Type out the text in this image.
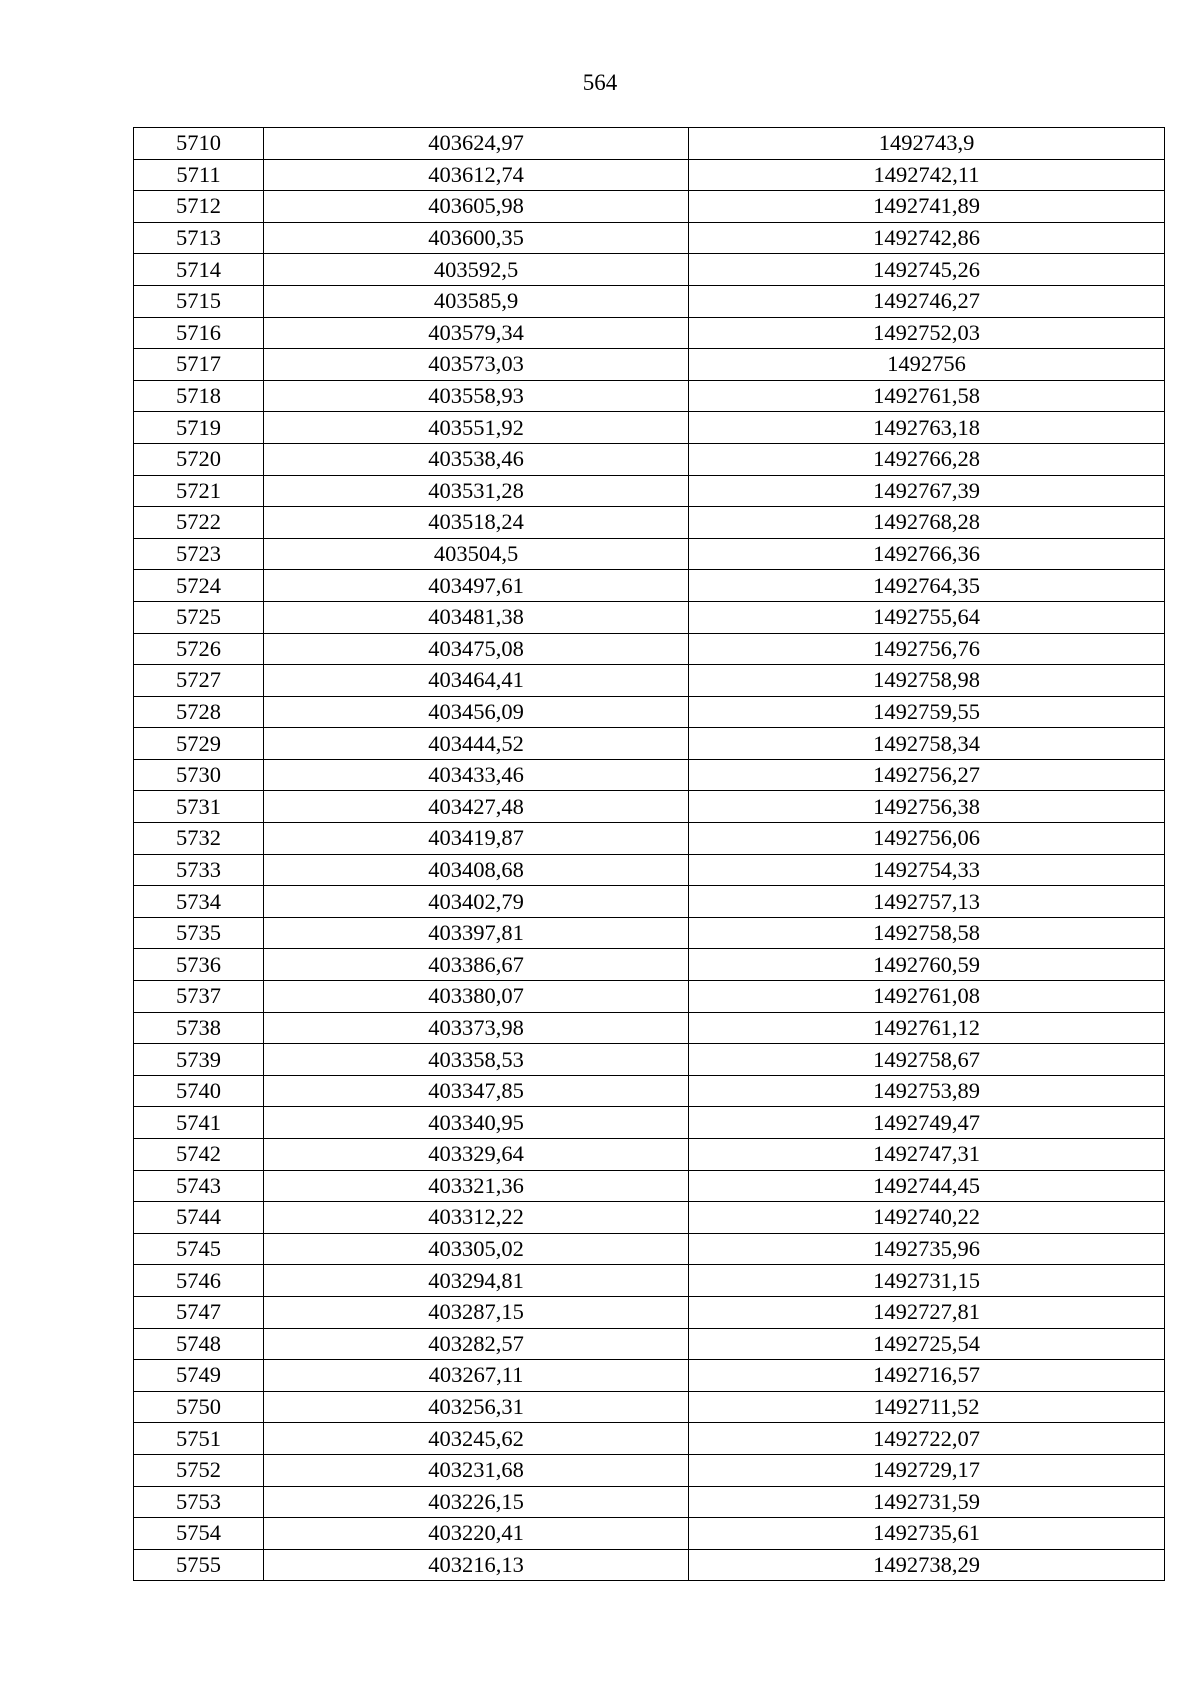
564
5710	403624,97	1492743,9
5711	403612,74	1492742,11
5712	403605,98	1492741,89
5713	403600,35	1492742,86
5714	403592,5	1492745,26
5715	403585,9	1492746,27
5716	403579,34	1492752,03
5717	403573,03	1492756
5718	403558,93	1492761,58
5719	403551,92	1492763,18
5720	403538,46	1492766,28
5721	403531,28	1492767,39
5722	403518,24	1492768,28
5723	403504,5	1492766,36
5724	403497,61	1492764,35
5725	403481,38	1492755,64
5726	403475,08	1492756,76
5727	403464,41	1492758,98
5728	403456,09	1492759,55
5729	403444,52	1492758,34
5730	403433,46	1492756,27
5731	403427,48	1492756,38
5732	403419,87	1492756,06
5733	403408,68	1492754,33
5734	403402,79	1492757,13
5735	403397,81	1492758,58
5736	403386,67	1492760,59
5737	403380,07	1492761,08
5738	403373,98	1492761,12
5739	403358,53	1492758,67
5740	403347,85	1492753,89
5741	403340,95	1492749,47
5742	403329,64	1492747,31
5743	403321,36	1492744,45
5744	403312,22	1492740,22
5745	403305,02	1492735,96
5746	403294,81	1492731,15
5747	403287,15	1492727,81
5748	403282,57	1492725,54
5749	403267,11	1492716,57
5750	403256,31	1492711,52
5751	403245,62	1492722,07
5752	403231,68	1492729,17
5753	403226,15	1492731,59
5754	403220,41	1492735,61
5755	403216,13	1492738,29
